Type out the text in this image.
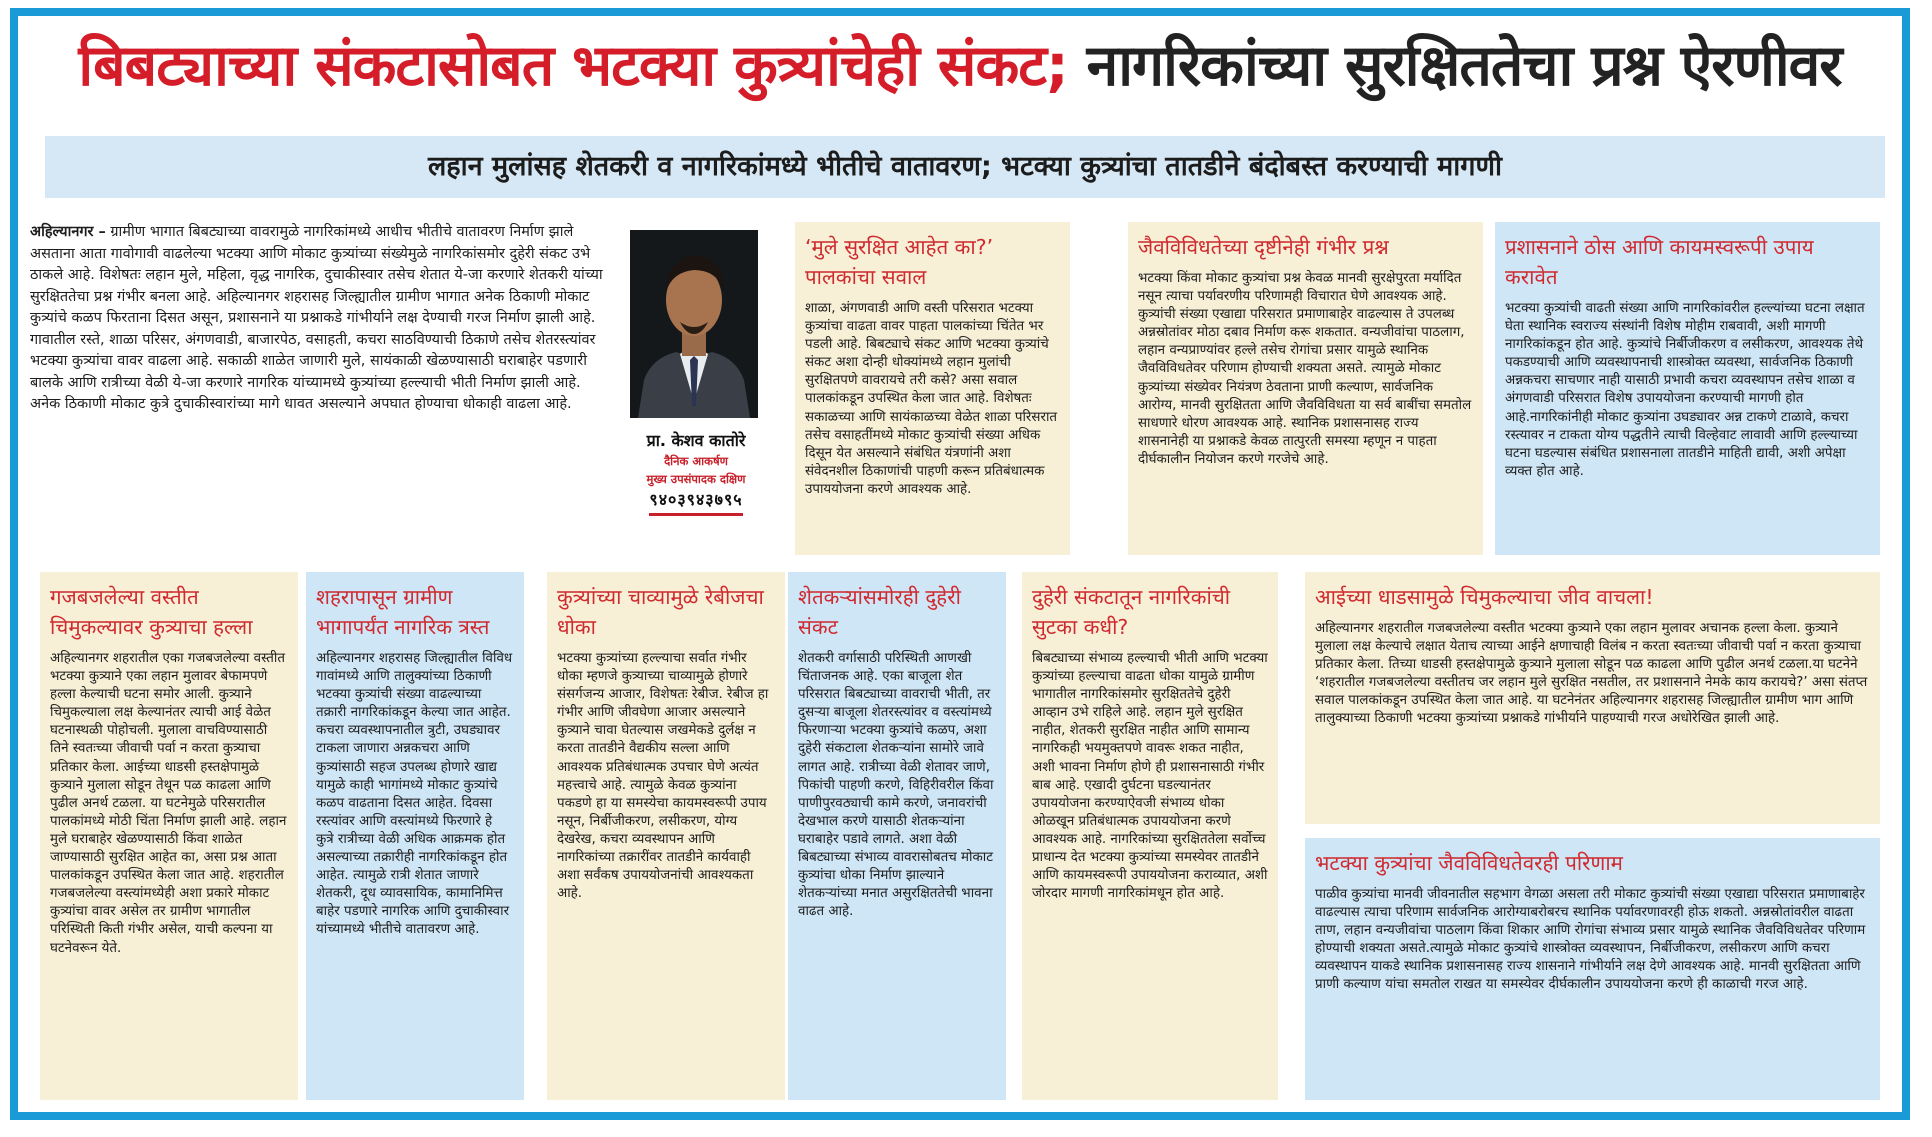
बिबट्याच्या संकटासोबत भटक्या कुत्र्यांचेही संकट; नागरिकांच्या सुरक्षिततेचा प्रश्न ऐरणीवर
लहान मुलांसह शेतकरी व नागरिकांमध्ये भीतीचे वातावरण; भटक्या कुत्र्यांचा तातडीने बंदोबस्त करण्याची मागणी
अहिल्यानगर – ग्रामीण भागात बिबट्याच्या वावरामुळे नागरिकांमध्ये आधीच भीतीचे वातावरण निर्माण झाले असताना आता गावोगावी वाढलेल्या भटक्या आणि मोकाट कुत्र्यांच्या संख्येमुळे नागरिकांसमोर दुहेरी संकट उभे ठाकले आहे. विशेषतः लहान मुले, महिला, वृद्ध नागरिक, दुचाकीस्वार तसेच शेतात ये-जा करणारे शेतकरी यांच्या सुरक्षिततेचा प्रश्न गंभीर बनला आहे. अहिल्यानगर शहरासह जिल्ह्यातील ग्रामीण भागात अनेक ठिकाणी मोकाट कुत्र्यांचे कळप फिरताना दिसत असून, प्रशासनाने या प्रश्नाकडे गांभीर्याने लक्ष देण्याची गरज निर्माण झाली आहे. गावातील रस्ते, शाळा परिसर, अंगणवाडी, बाजारपेठ, वसाहती, कचरा साठविण्याची ठिकाणे तसेच शेतरस्त्यांवर भटक्या कुत्र्यांचा वावर वाढला आहे. सकाळी शाळेत जाणारी मुले, सायंकाळी खेळण्यासाठी घराबाहेर पडणारी बालके आणि रात्रीच्या वेळी ये-जा करणारे नागरिक यांच्यामध्ये कुत्र्यांच्या हल्ल्याची भीती निर्माण झाली आहे. अनेक ठिकाणी मोकाट कुत्रे दुचाकीस्वारांच्या मागे धावत असल्याने अपघात होण्याचा धोकाही वाढला आहे.
प्रा. केशव कातोरे
दैनिक आकर्षण
मुख्य उपसंपादक दक्षिण
९४०३९४३७९५
‘मुले सुरक्षित आहेत का?’ पालकांचा सवाल

शाळा, अंगणवाडी आणि वस्ती परिसरात भटक्या कुत्र्यांचा वाढता वावर पाहता पालकांच्या चिंतेत भर पडली आहे. बिबट्याचे संकट आणि भटक्या कुत्र्यांचे संकट अशा दोन्ही धोक्यांमध्ये लहान मुलांची सुरक्षितपणे वावरायचे तरी कसे? असा सवाल पालकांकडून उपस्थित केला जात आहे. विशेषतः सकाळच्या आणि सायंकाळच्या वेळेत शाळा परिसरात तसेच वसाहतींमध्ये मोकाट कुत्र्यांची संख्या अधिक दिसून येत असल्याने संबंधित यंत्रणांनी अशा संवेदनशील ठिकाणांची पाहणी करून प्रतिबंधात्मक उपाययोजना करणे आवश्यक आहे.

जैवविविधतेच्या दृष्टीनेही गंभीर प्रश्न

भटक्या किंवा मोकाट कुत्र्यांचा प्रश्न केवळ मानवी सुरक्षेपुरता मर्यादित नसून त्याचा पर्यावरणीय परिणामही विचारात घेणे आवश्यक आहे. कुत्र्यांची संख्या एखाद्या परिसरात प्रमाणाबाहेर वाढल्यास ते उपलब्ध अन्नस्रोतांवर मोठा दबाव निर्माण करू शकतात. वन्यजीवांचा पाठलाग, लहान वन्यप्राण्यांवर हल्ले तसेच रोगांचा प्रसार यामुळे स्थानिक जैवविविधतेवर परिणाम होण्याची शक्यता असते. त्यामुळे मोकाट कुत्र्यांच्या संख्येवर नियंत्रण ठेवताना प्राणी कल्याण, सार्वजनिक आरोग्य, मानवी सुरक्षितता आणि जैवविविधता या सर्व बाबींचा समतोल साधणारे धोरण आवश्यक आहे. स्थानिक प्रशासनासह राज्य शासनानेही या प्रश्नाकडे केवळ तात्पुरती समस्या म्हणून न पाहता दीर्घकालीन नियोजन करणे गरजेचे आहे.

प्रशासनाने ठोस आणि कायमस्वरूपी उपाय करावेत

भटक्या कुत्र्यांची वाढती संख्या आणि नागरिकांवरील हल्ल्यांच्या घटना लक्षात घेता स्थानिक स्वराज्य संस्थांनी विशेष मोहीम राबवावी, अशी मागणी नागरिकांकडून होत आहे. कुत्र्यांचे निर्बीजीकरण व लसीकरण, आवश्यक तेथे पकडण्याची आणि व्यवस्थापनाची शास्त्रोक्त व्यवस्था, सार्वजनिक ठिकाणी अन्नकचरा साचणार नाही यासाठी प्रभावी कचरा व्यवस्थापन तसेच शाळा व अंगणवाडी परिसरात विशेष उपाययोजना करण्याची मागणी होत आहे.नागरिकांनीही मोकाट कुत्र्यांना उघड्यावर अन्न टाकणे टाळावे, कचरा रस्त्यावर न टाकता योग्य पद्धतीने त्याची विल्हेवाट लावावी आणि हल्ल्याच्या घटना घडल्यास संबंधित प्रशासनाला तातडीने माहिती द्यावी, अशी अपेक्षा व्यक्त होत आहे.

गजबजलेल्या वस्तीत चिमुकल्यावर कुत्र्याचा हल्ला

अहिल्यानगर शहरातील एका गजबजलेल्या वस्तीत भटक्या कुत्र्याने एका लहान मुलावर बेफामपणे हल्ला केल्याची घटना समोर आली. कुत्र्याने चिमुकल्याला लक्ष केल्यानंतर त्याची आई वेळेत घटनास्थळी पोहोचली. मुलाला वाचविण्यासाठी तिने स्वतःच्या जीवाची पर्वा न करता कुत्र्याचा प्रतिकार केला. आईच्या धाडसी हस्तक्षेपामुळे कुत्र्याने मुलाला सोडून तेथून पळ काढला आणि पुढील अनर्थ टळला. या घटनेमुळे परिसरातील पालकांमध्ये मोठी चिंता निर्माण झाली आहे. लहान मुले घराबाहेर खेळण्यासाठी किंवा शाळेत जाण्यासाठी सुरक्षित आहेत का, असा प्रश्न आता पालकांकडून उपस्थित केला जात आहे. शहरातील गजबजलेल्या वस्त्यांमध्येही अशा प्रकारे मोकाट कुत्र्यांचा वावर असेल तर ग्रामीण भागातील परिस्थिती किती गंभीर असेल, याची कल्पना या घटनेवरून येते.

शहरापासून ग्रामीण भागापर्यंत नागरिक त्रस्त

अहिल्यानगर शहरासह जिल्ह्यातील विविध गावांमध्ये आणि तालुक्यांच्या ठिकाणी भटक्या कुत्र्यांची संख्या वाढल्याच्या तक्रारी नागरिकांकडून केल्या जात आहेत. कचरा व्यवस्थापनातील त्रुटी, उघड्यावर टाकला जाणारा अन्नकचरा आणि कुत्र्यांसाठी सहज उपलब्ध होणारे खाद्य यामुळे काही भागांमध्ये मोकाट कुत्र्यांचे कळप वाढताना दिसत आहेत. दिवसा रस्त्यांवर आणि वस्त्यांमध्ये फिरणारे हे कुत्रे रात्रीच्या वेळी अधिक आक्रमक होत असल्याच्या तक्रारीही नागरिकांकडून होत आहेत. त्यामुळे रात्री शेतात जाणारे शेतकरी, दूध व्यावसायिक, कामानिमित्त बाहेर पडणारे नागरिक आणि दुचाकीस्वार यांच्यामध्ये भीतीचे वातावरण आहे.

कुत्र्यांच्या चाव्यामुळे रेबीजचा धोका

भटक्या कुत्र्यांच्या हल्ल्याचा सर्वात गंभीर धोका म्हणजे कुत्र्याच्या चाव्यामुळे होणारे संसर्गजन्य आजार, विशेषतः रेबीज. रेबीज हा गंभीर आणि जीवघेणा आजार असल्याने कुत्र्याने चावा घेतल्यास जखमेकडे दुर्लक्ष न करता तातडीने वैद्यकीय सल्ला आणि आवश्यक प्रतिबंधात्मक उपचार घेणे अत्यंत महत्त्वाचे आहे. त्यामुळे केवळ कुत्र्यांना पकडणे हा या समस्येचा कायमस्वरूपी उपाय नसून, निर्बीजीकरण, लसीकरण, योग्य देखरेख, कचरा व्यवस्थापन आणि नागरिकांच्या तक्रारींवर तातडीने कार्यवाही अशा सर्वंकष उपाययोजनांची आवश्यकता आहे.

शेतकऱ्यांसमोरही दुहेरी संकट

शेतकरी वर्गासाठी परिस्थिती आणखी चिंताजनक आहे. एका बाजूला शेत परिसरात बिबट्याच्या वावराची भीती, तर दुसऱ्या बाजूला शेतरस्त्यांवर व वस्त्यांमध्ये फिरणाऱ्या भटक्या कुत्र्यांचे कळप, अशा दुहेरी संकटाला शेतकऱ्यांना सामोरे जावे लागत आहे. रात्रीच्या वेळी शेतावर जाणे, पिकांची पाहणी करणे, विहिरीवरील किंवा पाणीपुरवठ्याची कामे करणे, जनावरांची देखभाल करणे यासाठी शेतकऱ्यांना घराबाहेर पडावे लागते. अशा वेळी बिबट्याच्या संभाव्य वावरासोबतच मोकाट कुत्र्यांचा धोका निर्माण झाल्याने शेतकऱ्यांच्या मनात असुरक्षिततेची भावना वाढत आहे.

दुहेरी संकटातून नागरिकांची सुटका कधी?

बिबट्याच्या संभाव्य हल्ल्याची भीती आणि भटक्या कुत्र्यांच्या हल्ल्याचा वाढता धोका यामुळे ग्रामीण भागातील नागरिकांसमोर सुरक्षिततेचे दुहेरी आव्हान उभे राहिले आहे. लहान मुले सुरक्षित नाहीत, शेतकरी सुरक्षित नाहीत आणि सामान्य नागरिकही भयमुक्तपणे वावरू शकत नाहीत, अशी भावना निर्माण होणे ही प्रशासनासाठी गंभीर बाब आहे. एखादी दुर्घटना घडल्यानंतर उपाययोजना करण्याऐवजी संभाव्य धोका ओळखून प्रतिबंधात्मक उपाययोजना करणे आवश्यक आहे. नागरिकांच्या सुरक्षिततेला सर्वोच्च प्राधान्य देत भटक्या कुत्र्यांच्या समस्येवर तातडीने आणि कायमस्वरूपी उपाययोजना कराव्यात, अशी जोरदार मागणी नागरिकांमधून होत आहे.

आईच्या धाडसामुळे चिमुकल्याचा जीव वाचला!

अहिल्यानगर शहरातील गजबजलेल्या वस्तीत भटक्या कुत्र्याने एका लहान मुलावर अचानक हल्ला केला. कुत्र्याने मुलाला लक्ष केल्याचे लक्षात येताच त्याच्या आईने क्षणाचाही विलंब न करता स्वतःच्या जीवाची पर्वा न करता कुत्र्याचा प्रतिकार केला. तिच्या धाडसी हस्तक्षेपामुळे कुत्र्याने मुलाला सोडून पळ काढला आणि पुढील अनर्थ टळला.या घटनेने ‘शहरातील गजबजलेल्या वस्तीतच जर लहान मुले सुरक्षित नसतील, तर प्रशासनाने नेमके काय करायचे?’ असा संतप्त सवाल पालकांकडून उपस्थित केला जात आहे. या घटनेनंतर अहिल्यानगर शहरासह जिल्ह्यातील ग्रामीण भाग आणि तालुक्याच्या ठिकाणी भटक्या कुत्र्यांच्या प्रश्नाकडे गांभीर्याने पाहण्याची गरज अधोरेखित झाली आहे.

भटक्या कुत्र्यांचा जैवविविधतेवरही परिणाम

पाळीव कुत्र्यांचा मानवी जीवनातील सहभाग वेगळा असला तरी मोकाट कुत्र्यांची संख्या एखाद्या परिसरात प्रमाणाबाहेर वाढल्यास त्याचा परिणाम सार्वजनिक आरोग्याबरोबरच स्थानिक पर्यावरणावरही होऊ शकतो. अन्नस्रोतांवरील वाढता ताण, लहान वन्यजीवांचा पाठलाग किंवा शिकार आणि रोगांचा संभाव्य प्रसार यामुळे स्थानिक जैवविविधतेवर परिणाम होण्याची शक्यता असते.त्यामुळे मोकाट कुत्र्यांचे शास्त्रोक्त व्यवस्थापन, निर्बीजीकरण, लसीकरण आणि कचरा व्यवस्थापन याकडे स्थानिक प्रशासनासह राज्य शासनाने गांभीर्याने लक्ष देणे आवश्यक आहे. मानवी सुरक्षितता आणि प्राणी कल्याण यांचा समतोल राखत या समस्येवर दीर्घकालीन उपाययोजना करणे ही काळाची गरज आहे.
